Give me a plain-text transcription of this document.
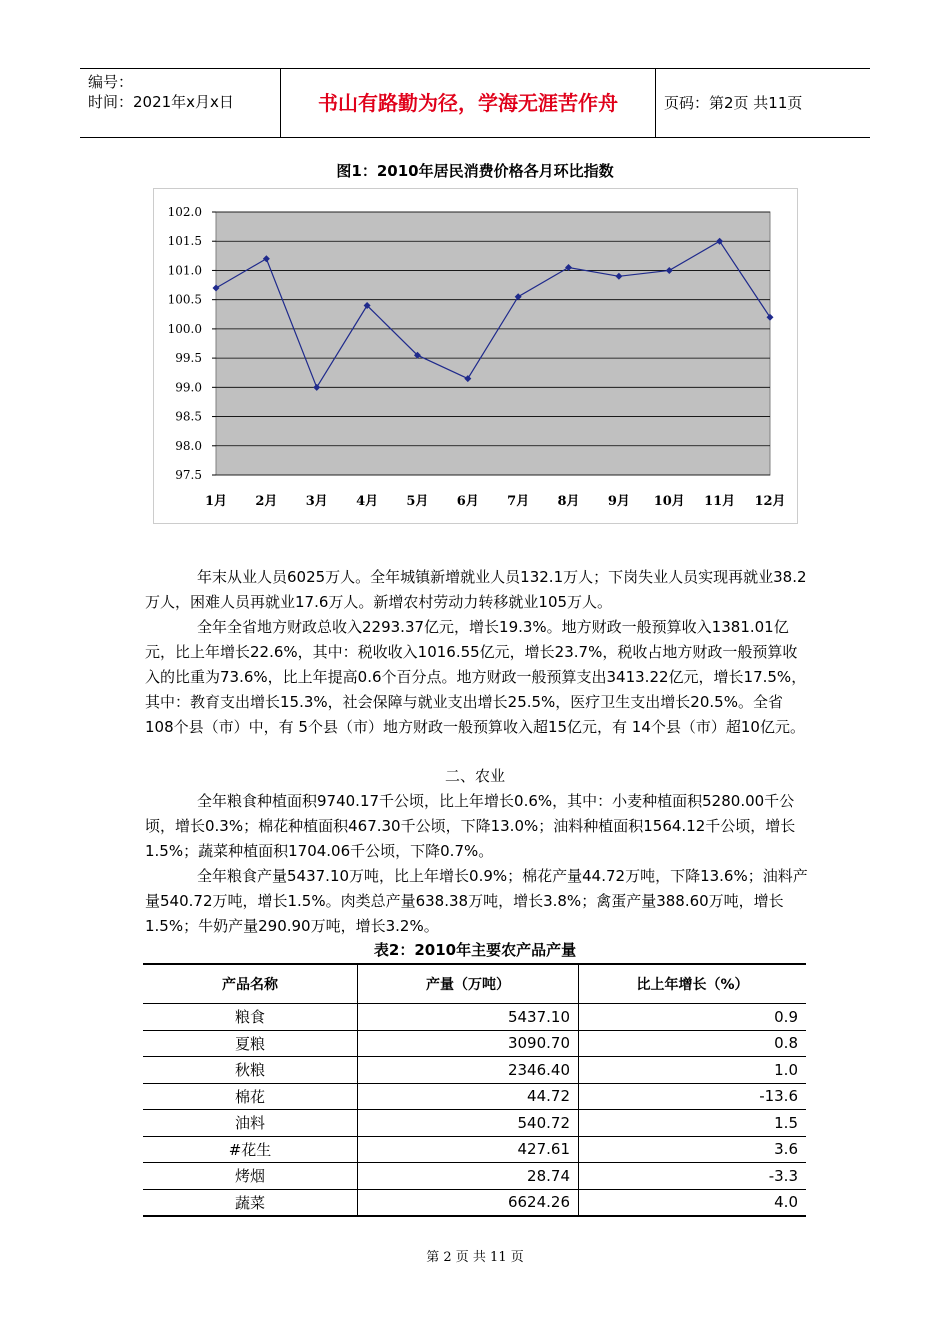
编号：
时间：2021年x月x日	书山有路勤为径，学海无涯苦作舟	页码：第2页 共11页
图1：2010年居民消费价格各月环比指数
102.0
101.5
101.0
100.5
100.0
99.5
99.0
98.5
98.0
97.5
1月 2月 3月 4月 5月 6月 7月 8月 9月 10月 11月 12月

年末从业人员6025万人。全年城镇新增就业人员132.1万人；下岗失业人员实现再就业38.2万人，困难人员再就业17.6万人。新增农村劳动力转移就业105万人。

全年全省地方财政总收入2293.37亿元，增长19.3%。地方财政一般预算收入1381.01亿元，比上年增长22.6%，其中：税收收入1016.55亿元，增长23.7%，税收占地方财政一般预算收入的比重为73.6%，比上年提高0.6个百分点。地方财政一般预算支出3413.22亿元，增长17.5%，其中：教育支出增长15.3%，社会保障与就业支出增长25.5%，医疗卫生支出增长20.5%。全省108个县（市）中，有 5个县（市）地方财政一般预算收入超15亿元，有 14个县（市）超10亿元。

二、农业

全年粮食种植面积9740.17千公顷，比上年增长0.6%，其中：小麦种植面积5280.00千公顷，增长0.3%；棉花种植面积467.30千公顷，下降13.0%；油料种植面积1564.12千公顷，增长1.5%；蔬菜种植面积1704.06千公顷，下降0.7%。

全年粮食产量5437.10万吨，比上年增长0.9%；棉花产量44.72万吨，下降13.6%；油料产量540.72万吨，增长1.5%。肉类总产量638.38万吨，增长3.8%；禽蛋产量388.60万吨，增长1.5%；牛奶产量290.90万吨，增长3.2%。

表2：2010年主要农产品产量
产品名称	产量（万吨）	比上年增长（%）
粮食	5437.10	0.9
夏粮	3090.70	0.8
秋粮	2346.40	1.0
棉花	44.72	-13.6
油料	540.72	1.5
#花生	427.61	3.6
烤烟	28.74	-3.3
蔬菜	6624.26	4.0
第 2 页 共 11 页
